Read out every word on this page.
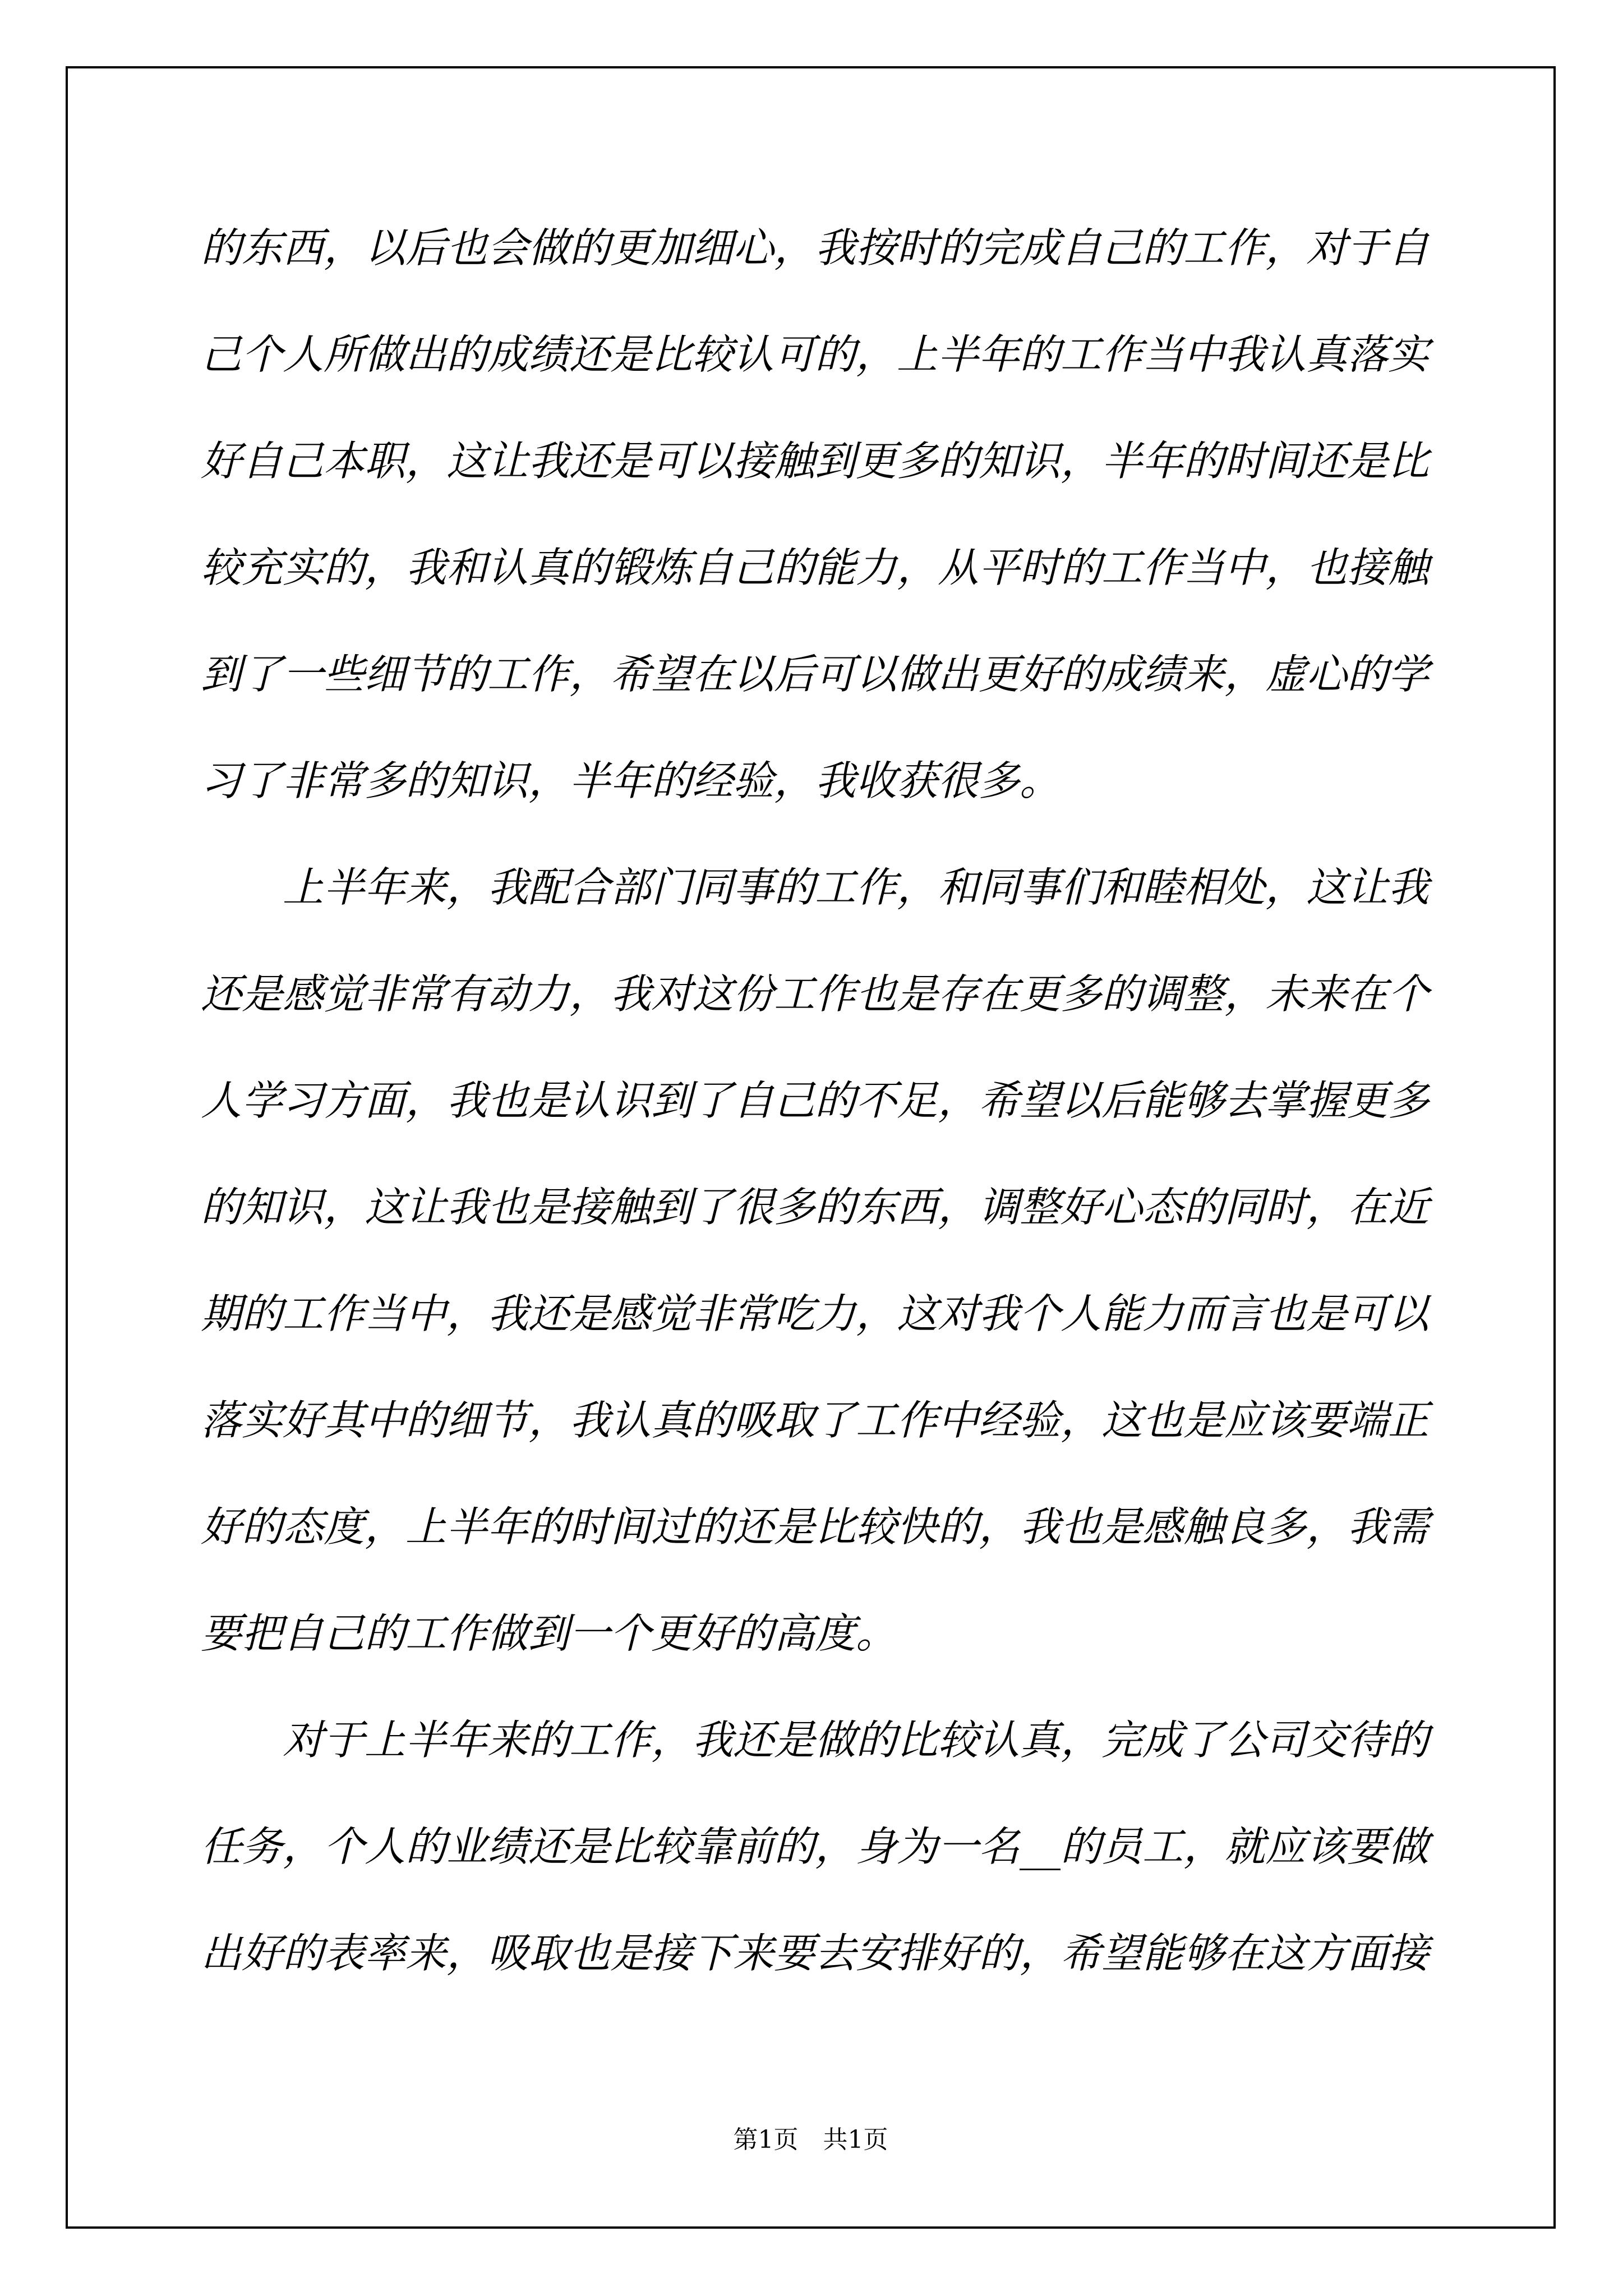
的东西，以后也会做的更加细心，我按时的完成自己的工作，对于自
己个人所做出的成绩还是比较认可的，上半年的工作当中我认真落实
好自己本职，这让我还是可以接触到更多的知识，半年的时间还是比
较充实的，我和认真的锻炼自己的能力，从平时的工作当中，也接触
到了一些细节的工作，希望在以后可以做出更好的成绩来，虚心的学
习了非常多的知识，半年的经验，我收获很多。
上半年来，我配合部门同事的工作，和同事们和睦相处，这让我
还是感觉非常有动力，我对这份工作也是存在更多的调整，未来在个
人学习方面，我也是认识到了自己的不足，希望以后能够去掌握更多
的知识，这让我也是接触到了很多的东西，调整好心态的同时，在近
期的工作当中，我还是感觉非常吃力，这对我个人能力而言也是可以
落实好其中的细节，我认真的吸取了工作中经验，这也是应该要端正
好的态度，上半年的时间过的还是比较快的，我也是感触良多，我需
要把自己的工作做到一个更好的高度。
对于上半年来的工作，我还是做的比较认真，完成了公司交待的
任务，个人的业绩还是比较靠前的，身为一名__的员工，就应该要做
出好的表率来，吸取也是接下来要去安排好的，希望能够在这方面接
第1页　共1页
